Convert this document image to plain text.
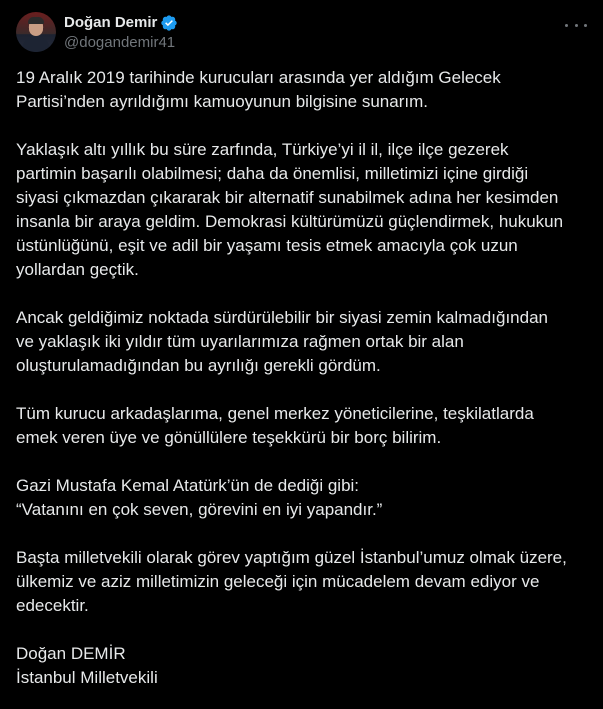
Doğan Demir
@dogandemir41
19 Aralık 2019 tarihinde kurucuları arasında yer aldığım Gelecek
Partisi’nden ayrıldığımı kamuoyunun bilgisine sunarım.
Yaklaşık altı yıllık bu süre zarfında, Türkiye’yi il il, ilçe ilçe gezerek
partimin başarılı olabilmesi; daha da önemlisi, milletimizi içine girdiği
siyasi çıkmazdan çıkararak bir alternatif sunabilmek adına her kesimden
insanla bir araya geldim. Demokrasi kültürümüzü güçlendirmek, hukukun
üstünlüğünü, eşit ve adil bir yaşamı tesis etmek amacıyla çok uzun
yollardan geçtik.
Ancak geldiğimiz noktada sürdürülebilir bir siyasi zemin kalmadığından
ve yaklaşık iki yıldır tüm uyarılarımıza rağmen ortak bir alan
oluşturulamadığından bu ayrılığı gerekli gördüm.
Tüm kurucu arkadaşlarıma, genel merkez yöneticilerine, teşkilatlarda
emek veren üye ve gönüllülere teşekkürü bir borç bilirim.
Gazi Mustafa Kemal Atatürk’ün de dediği gibi:
“Vatanını en çok seven, görevini en iyi yapandır.”
Başta milletvekili olarak görev yaptığım güzel İstanbul’umuz olmak üzere,
ülkemiz ve aziz milletimizin geleceği için mücadelem devam ediyor ve
edecektir.
Doğan DEMİR
İstanbul Milletvekili
